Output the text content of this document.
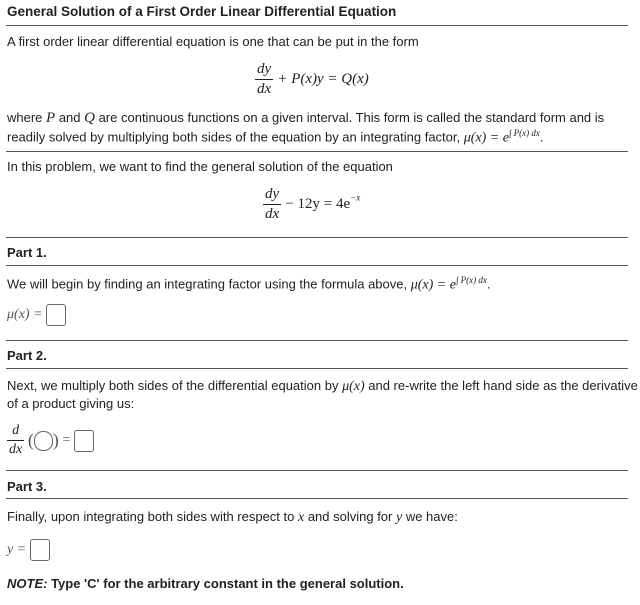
General Solution of a First Order Linear Differential Equation
A first order linear differential equation is one that can be put in the form
$\frac{dy}{dx} + P(x)y = Q(x)$
where P and Q are continuous functions on a given interval. This form is called the standard form and is
readily solved by multiplying both sides of the equation by an integrating factor, $\mu(x) = e^{\int P(x) dx}$.
In this problem, we want to find the general solution of the equation
$\frac{dy}{dx} - 12y = 4e^{-x}$
Part 1.
We will begin by finding an integrating factor using the formula above, $\mu(x) = e^{\int P(x) dx}$.
μ(x) =
Part 2.
Next, we multiply both sides of the differential equation by μ(x) and re-write the left hand side as the derivative
of a product giving us:
$\frac{d}{dx}$ ( ) =
Part 3.
Finally, upon integrating both sides with respect to x and solving for y we have:
y =
NOTE: Type 'C' for the arbitrary constant in the general solution.
